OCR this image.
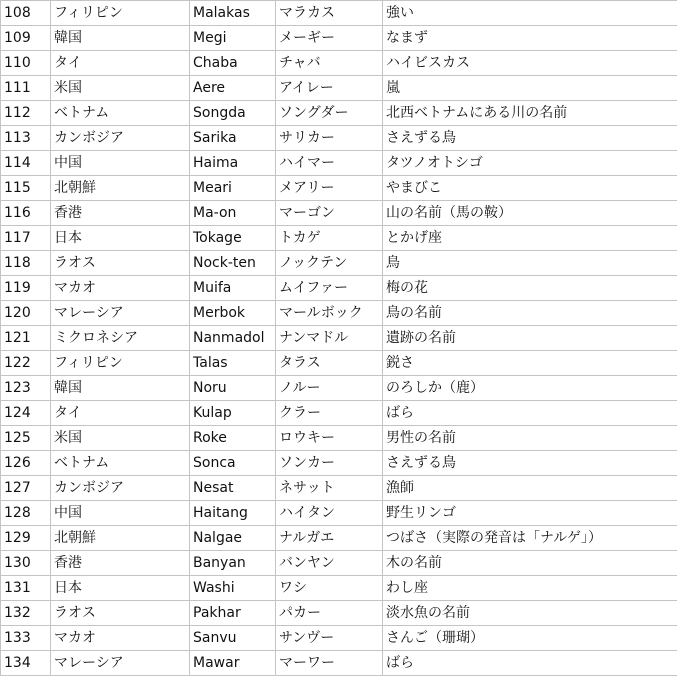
108	フィリピン	Malakas	マラカス	強い
109	韓国	Megi	メーギー	なまず
110	タイ	Chaba	チャバ	ハイビスカス
111	米国	Aere	アイレー	嵐
112	ベトナム	Songda	ソングダー	北西ベトナムにある川の名前
113	カンボジア	Sarika	サリカー	さえずる鳥
114	中国	Haima	ハイマー	タツノオトシゴ
115	北朝鮮	Meari	メアリー	やまびこ
116	香港	Ma-on	マーゴン	山の名前（馬の鞍）
117	日本	Tokage	トカゲ	とかげ座
118	ラオス	Nock-ten	ノックテン	鳥
119	マカオ	Muifa	ムイファー	梅の花
120	マレーシア	Merbok	マールボック	鳥の名前
121	ミクロネシア	Nanmadol	ナンマドル	遺跡の名前
122	フィリピン	Talas	タラス	鋭さ
123	韓国	Noru	ノルー	のろしか（鹿）
124	タイ	Kulap	クラー	ばら
125	米国	Roke	ロウキー	男性の名前
126	ベトナム	Sonca	ソンカー	さえずる鳥
127	カンボジア	Nesat	ネサット	漁師
128	中国	Haitang	ハイタン	野生リンゴ
129	北朝鮮	Nalgae	ナルガエ	つばさ（実際の発音は「ナルゲ」）
130	香港	Banyan	バンヤン	木の名前
131	日本	Washi	ワシ	わし座
132	ラオス	Pakhar	パカー	淡水魚の名前
133	マカオ	Sanvu	サンヴー	さんご（珊瑚）
134	マレーシア	Mawar	マーワー	ばら
